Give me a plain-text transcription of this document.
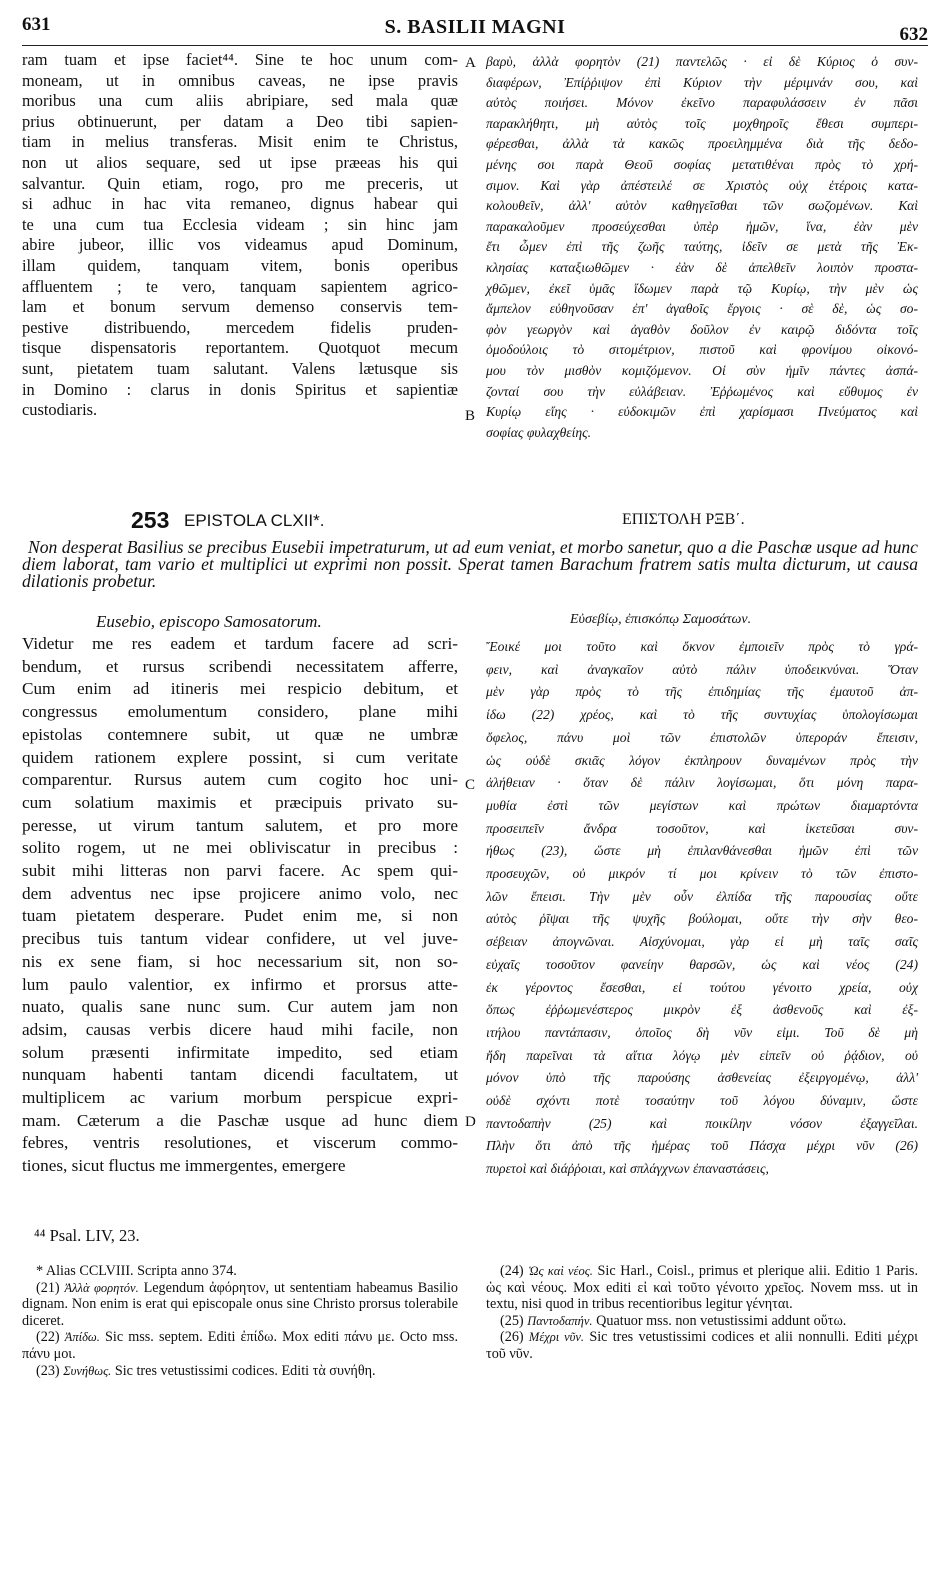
631	S. BASILII MAGNI	632
ram tuam et ipse faciet⁴⁴. Sine te hoc unum com-
moneam, ut in omnibus caveas, ne ipse pravis
moribus una cum aliis abripiare, sed mala quæ
prius obtinuerunt, per datam a Deo tibi sapien-
tiam in melius transferas. Misit enim te Christus,
non ut alios sequare, sed ut ipse præeas his qui
salvantur. Quin etiam, rogo, pro me preceris, ut
si adhuc in hac vita remaneo, dignus habear qui
te una cum tua Ecclesia videam ; sin hinc jam
abire jubeor, illic vos videamus apud Dominum,
illam quidem, tanquam vitem, bonis operibus
affluentem ; te vero, tanquam sapientem agrico-
lam et bonum servum demenso conservis tem-
pestive distribuendo, mercedem fidelis pruden-
tisque dispensatoris reportantem. Quotquot mecum
sunt, pietatem tuam salutant. Valens lætusque sis
in Domino : clarus in donis Spiritus et sapientiæ
custodiaris.
βαρὺ, ἀλλὰ φορητὸν (21) παντελῶς · εἰ δὲ Κύριος ὁ συν-
διαφέρων, Ἐπίῤῥιψον ἐπὶ Κύριον τὴν μέριμνάν σου, καὶ
αὐτὸς ποιήσει. Μόνον ἐκεῖνο παραφυλάσσειν ἐν πᾶσι
παρακλήθητι, μὴ αὐτὸς τοῖς μοχθηροῖς ἔθεσι συμπερι-
φέρεσθαι, ἀλλὰ τὰ κακῶς προειλημμένα διὰ τῆς δεδο-
μένης σοι παρὰ Θεοῦ σοφίας μετατιθέναι πρὸς τὸ χρή-
σιμον. Καὶ γὰρ ἀπέστειλέ σε Χριστὸς οὐχ ἑτέροις κατα-
κολουθεῖν, ἀλλ' αὐτὸν καθηγεῖσθαι τῶν σωζομένων. Καὶ
παρακαλοῦμεν προσεύχεσθαι ὑπὲρ ἡμῶν, ἵνα, ἐὰν μὲν
ἔτι ὦμεν ἐπὶ τῆς ζωῆς ταύτης, ἰδεῖν σε μετὰ τῆς Ἐκ-
κλησίας καταξιωθῶμεν · ἐὰν δὲ ἀπελθεῖν λοιπὸν προστα-
χθῶμεν, ἐκεῖ ὑμᾶς ἴδωμεν παρὰ τῷ Κυρίῳ, τὴν μὲν ὡς
ἄμπελον εὐθηνοῦσαν ἐπ' ἀγαθοῖς ἔργοις · σὲ δὲ, ὡς σο-
φὸν γεωργὸν καὶ ἀγαθὸν δοῦλον ἐν καιρῷ διδόντα τοῖς
ὁμοδούλοις τὸ σιτομέτριον, πιστοῦ καὶ φρονίμου οἰκονό-
μου τὸν μισθὸν κομιζόμενον. Οἱ σὺν ἡμῖν πάντες ἀσπά-
ζονταί σου τὴν εὐλάβειαν. Ἐῤῥωμένος καὶ εὔθυμος ἐν
Κυρίῳ εἴης · εὐδοκιμῶν ἐπὶ χαρίσμασι Πνεύματος καὶ
σοφίας φυλαχθείης.
A
B
C
D
253 EPISTOLA CLXII*.	ΕΠΙΣΤΟΛΗ ΡΞΒ΄.
Non desperat Basilius se precibus Eusebii impetraturum, ut ad eum veniat, et morbo sanetur, quo a die Paschæ usque ad hunc diem laborat, tam vario et multiplici ut exprimi non possit. Sperat tamen Barachum fratrem satis multa dicturum, ut causa dilationis probetur.
Eusebio, episcopo Samosatorum.	Εὐσεβίῳ, ἐπισκόπῳ Σαμοσάτων.
Videtur me res eadem et tardum facere ad scri-
bendum, et rursus scribendi necessitatem afferre,
Cum enim ad itineris mei respicio debitum, et
congressus emolumentum considero, plane mihi
epistolas contemnere subit, ut quæ ne umbræ
quidem rationem explere possint, si cum veritate
comparentur. Rursus autem cum cogito hoc uni-
cum solatium maximis et præcipuis privato su-
peresse, ut virum tantum salutem, et pro more
solito rogem, ut ne mei obliviscatur in precibus :
subit mihi litteras non parvi facere. Ac spem qui-
dem adventus nec ipse projicere animo volo, nec
tuam pietatem desperare. Pudet enim me, si non
precibus tuis tantum videar confidere, ut vel juve-
nis ex sene fiam, si hoc necessarium sit, non so-
lum paulo valentior, ex infirmo et prorsus atte-
nuato, qualis sane nunc sum. Cur autem jam non
adsim, causas verbis dicere haud mihi facile, non
solum præsenti infirmitate impedito, sed etiam
nunquam habenti tantam dicendi facultatem, ut
multiplicem ac varium morbum perspicue expri-
mam. Cæterum a die Paschæ usque ad hunc diem
febres, ventris resolutiones, et viscerum commo-
tiones, sicut fluctus me immergentes, emergere
Ἔοικέ μοι τοῦτο καὶ ὄκνον ἐμποιεῖν πρὸς τὸ γρά-
φειν, καὶ ἀναγκαῖον αὐτὸ πάλιν ὑποδεικνύναι. Ὅταν
μὲν γὰρ πρὸς τὸ τῆς ἐπιδημίας τῆς ἐμαυτοῦ ἀπ-
ίδω (22) χρέος, καὶ τὸ τῆς συντυχίας ὑπολογίσωμαι
ὄφελος, πάνυ μοὶ τῶν ἐπιστολῶν ὑπεροράν ἔπεισιν,
ὡς οὐδὲ σκιᾶς λόγον ἐκπληρουν δυναμένων πρὸς τὴν
ἀλήθειαν · ὅταν δὲ πάλιν λογίσωμαι, ὅτι μόνη παρα-
μυθία ἐστὶ τῶν μεγίστων καὶ πρώτων διαμαρτόντα
προσειπεῖν ἄνδρα τοσοῦτον, καὶ ἱκετεῦσαι συν-
ήθως (23), ὥστε μὴ ἐπιλανθάνεσθαι ἡμῶν ἐπὶ τῶν
προσευχῶν, οὐ μικρόν τί μοι κρίνειν τὸ τῶν ἐπιστο-
λῶν ἔπεισι. Τὴν μὲν οὖν ἐλπίδα τῆς παρουσίας οὔτε
αὐτὸς ῥῖψαι τῆς ψυχῆς βούλομαι, οὔτε τὴν σὴν θεο-
σέβειαν ἀπογνῶναι. Αἰσχύνομαι, γὰρ εἰ μὴ ταῖς σαῖς
εὐχαῖς τοσοῦτον φανείην θαρσῶν, ὡς καὶ νέος (24)
ἐκ γέροντος ἔσεσθαι, εἰ τούτου γένοιτο χρεία, οὐχ
ὅπως ἐῤῥωμενέστερος μικρὸν ἐξ ἀσθενοῦς καὶ ἐξ-
ιτήλου παντάπασιν, ὁποῖος δὴ νῦν εἰμι. Τοῦ δὲ μὴ
ἤδη παρεῖναι τὰ αἴτια λόγῳ μὲν εἰπεῖν οὐ ῥᾴδιον, οὐ
μόνον ὑπὸ τῆς παρούσης ἀσθενείας ἐξειργομένῳ, ἀλλ'
οὐδὲ σχόντι ποτὲ τοσαύτην τοῦ λόγου δύναμιν, ὥστε
παντοδαπὴν (25) καὶ ποικίλην νόσον ἐξαγγεῖλαι.
Πλὴν ὅτι ἀπὸ τῆς ἡμέρας τοῦ Πάσχα μέχρι νῦν (26)
πυρετοὶ καὶ διάῤῥοιαι, καὶ σπλάγχνων ἐπαναστάσεις,
⁴⁴ Psal. LIV, 23.

* Alias CCLVIII. Scripta anno 374.

(21) Ἀλλὰ φορητόν. Legendum ἀφόρητον, ut sententiam habeamus Basilio dignam. Non enim is erat qui episcopale onus sine Christo prorsus tolerabile diceret.

(22) Ἀπίδω. Sic mss. septem. Editi ἐπίδω. Mox editi πάνυ με. Octo mss. πάνυ μοι.

(23) Συνήθως. Sic tres vetustissimi codices. Editi τὰ συνήθη.

(24) Ὡς καὶ νέος. Sic Harl., Coisl., primus et plerique alii. Editio 1 Paris. ὡς καὶ νέους. Mox editi εἰ καὶ τοῦτο γένοιτο χρεῖος. Novem mss. ut in textu, nisi quod in tribus recentioribus legitur γένηται.

(25) Παντοδαπήν. Quatuor mss. non vetustissimi addunt οὕτω.

(26) Μέχρι νῦν. Sic tres vetustissimi codices et alii nonnulli. Editi μέχρι τοῦ νῦν.
